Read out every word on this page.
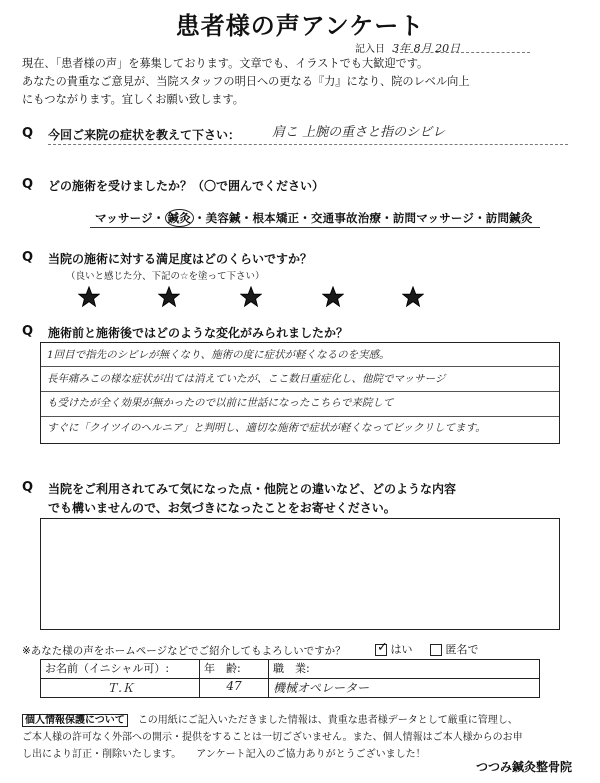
患者様の声アンケート
記入日 3年 8月 20日
現在、「患者様の声」を募集しております。文章でも、イラストでも大歓迎です。
あなたの貴重なご意見が、当院スタッフの明日への更なる『力』になり、院のレベル向上
にもつながります。宜しくお願い致します。
Q 今回ご来院の症状を教えて下さい： 肩こ 上腕の重さと指のシビレ
Q どの施術を受けましたか？（〇で囲んでください）
マッサージ・ 鍼灸 ・美容鍼・根本矯正・交通事故治療・訪問マッサージ・訪問鍼灸
Q 当院の施術に対する満足度はどのくらいですか？
（良いと感じた分、下記の☆を塗って下さい）
Q 施術前と施術後ではどのような変化がみられましたか？
1回目で指先のシビレが無くなり、施術の度に症状が軽くなるのを実感。
長年痛みこの様な症状が出ては消えていたが、ここ数日重症化し、他院でマッサージ
も受けたが全く効果が無かったので以前に世話になったこちらで来院して
すぐに「クイツイのヘルニア」と判明し、適切な施術で症状が軽くなってビックリしてます。
Q 当院をご利用されてみて気になった点・他院との違いなど、どのような内容
でも構いませんので、お気づきになったことをお寄せください。
※あなた様の声をホームページなどでご紹介してもよろしいですか？ ✓ はい	匿名で
お名前（イニシャル可）:	年　齢:	職　業:
Ｔ.Ｋ	47	機械オペレーター
個人情報保護について　 この用紙にご記入いただきました情報は、貴重な患者様データとして厳重に管理し、
ご本人様の許可なく外部への開示・提供をすることは一切ございません。また、個人情報はご本人様からのお申
し出により訂正・削除いたします。　　アンケート記入のご協力ありがとうございました！
つつみ鍼灸整骨院
